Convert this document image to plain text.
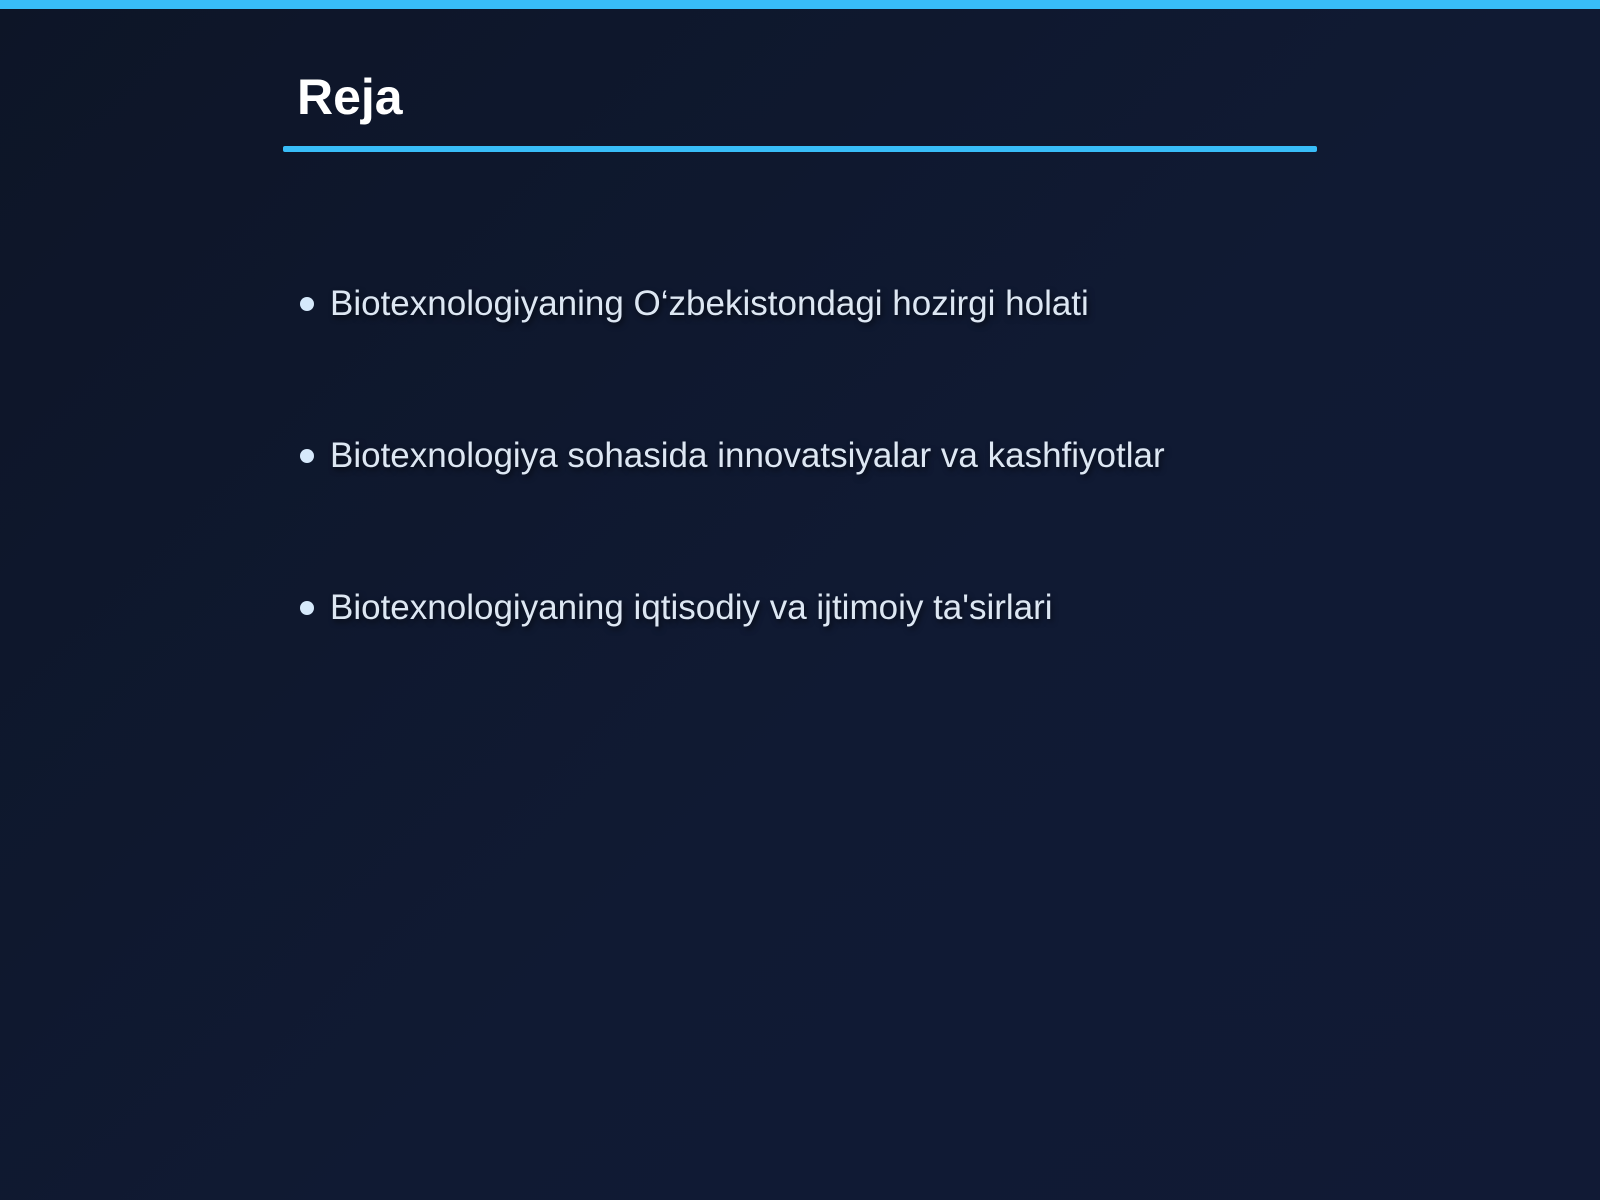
Reja
Biotexnologiyaning O‘zbekistondagi hozirgi holati
Biotexnologiya sohasida innovatsiyalar va kashfiyotlar
Biotexnologiyaning iqtisodiy va ijtimoiy ta'sirlari
